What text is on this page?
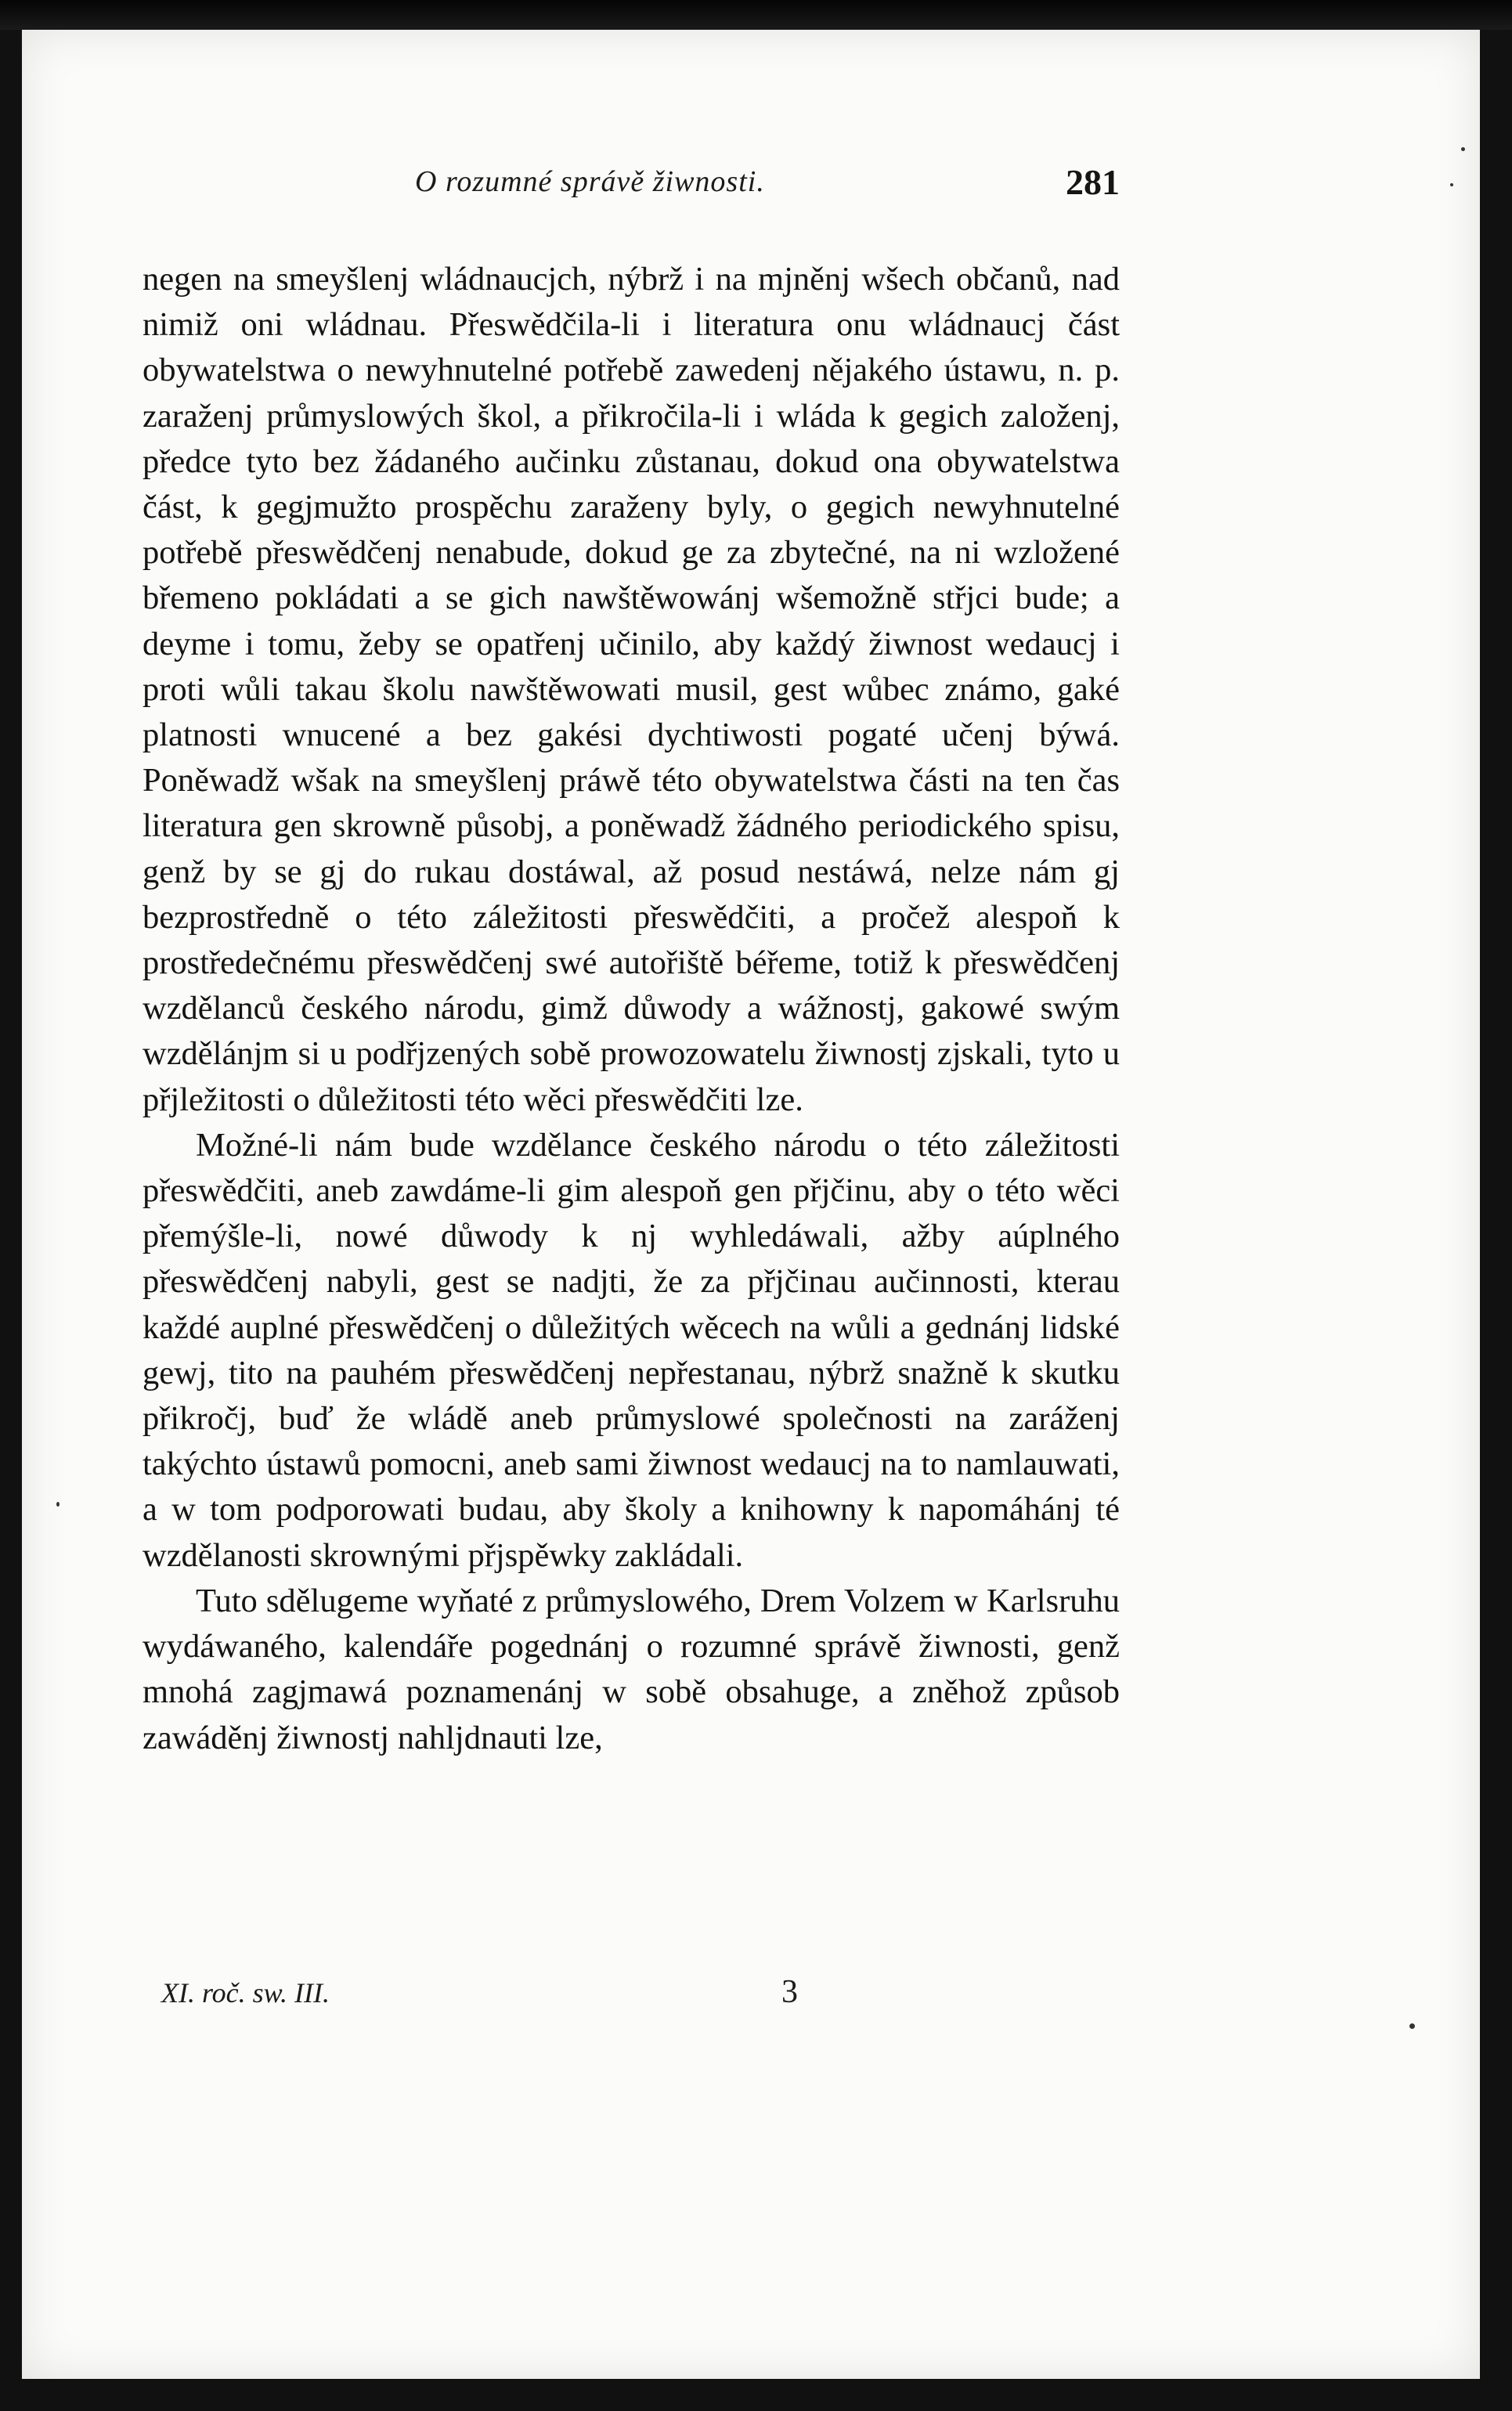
O rozumné správě žiwnosti.	281

negen na smeyšlenj wládnaucjch, nýbrž i na mjněnj wšech občanů, nad nimiž oni wládnau. Přeswědčila-li i literatura onu wládnaucj část obywatelstwa o newyhnutelné potřebě zawedenj nějakého ústawu, n. p. zaraženj průmyslowých škol, a přikročila-li i wláda k gegich založenj, předce tyto bez žádaného aučinku zůstanau, dokud ona obywatelstwa část, k gegjmužto prospěchu zaraženy byly, o gegich newyhnutelné potřebě přeswědčenj nenabude, dokud ge za zbytečné, na ni wzložené břemeno pokládati a se gich nawštěwowánj wšemožně střjci bude; a deyme i tomu, žeby se opatřenj učinilo, aby každý žiwnost wedaucj i proti wůli takau školu nawštěwowati musil, gest wůbec známo, gaké platnosti wnucené a bez gakési dychtiwosti pogaté učenj býwá. Poněwadž wšak na smeyšlenj práwě této obywatelstwa části na ten čas literatura gen skrowně působj, a poněwadž žádného periodického spisu, genž by se gj do rukau dostáwal, až posud nestáwá, nelze nám gj bezprostředně o této záležitosti přeswědčiti, a pročež alespoň k prostředečnému přeswědčenj swé autořiště béřeme, totiž k přeswědčenj wzdělanců českého národu, gimž důwody a wážnostj, gakowé swým wzdělánjm si u podřjzených sobě prowozowatelu žiwnostj zjskali, tyto u přjležitosti o důležitosti této wěci přeswědčiti lze.

Možné-li nám bude wzdělance českého národu o této záležitosti přeswědčiti, aneb zawdáme-li gim alespoň gen přjčinu, aby o této wěci přemýšle-li, nowé důwody k nj wyhledáwali, ažby aúplného přeswědčenj nabyli, gest se nadjti, že za přjčinau aučinnosti, kterau každé auplné přeswědčenj o důležitých wěcech na wůli a gednánj lidské gewj, tito na pauhém přeswědčenj nepřestanau, nýbrž snažně k skutku přikročj, buď že wládě aneb průmyslowé společnosti na zaráženj takýchto ústawů pomocni, aneb sami žiwnost wedaucj na to namlauwati, a w tom podporowati budau, aby školy a knihowny k napomáhánj té wzdělanosti skrownými přjspěwky zakládali.

Tuto sdělugeme wyňaté z průmyslowého, Drem Volzem w Karlsruhu wydáwaného, kalendáře pogednánj o rozumné správě žiwnosti, genž mnohá zagjmawá poznamenánj w sobě obsahuge, a zněhož způsob zawáděnj žiwnostj nahljdnauti lze,

XI. roč. sw. III.	3
